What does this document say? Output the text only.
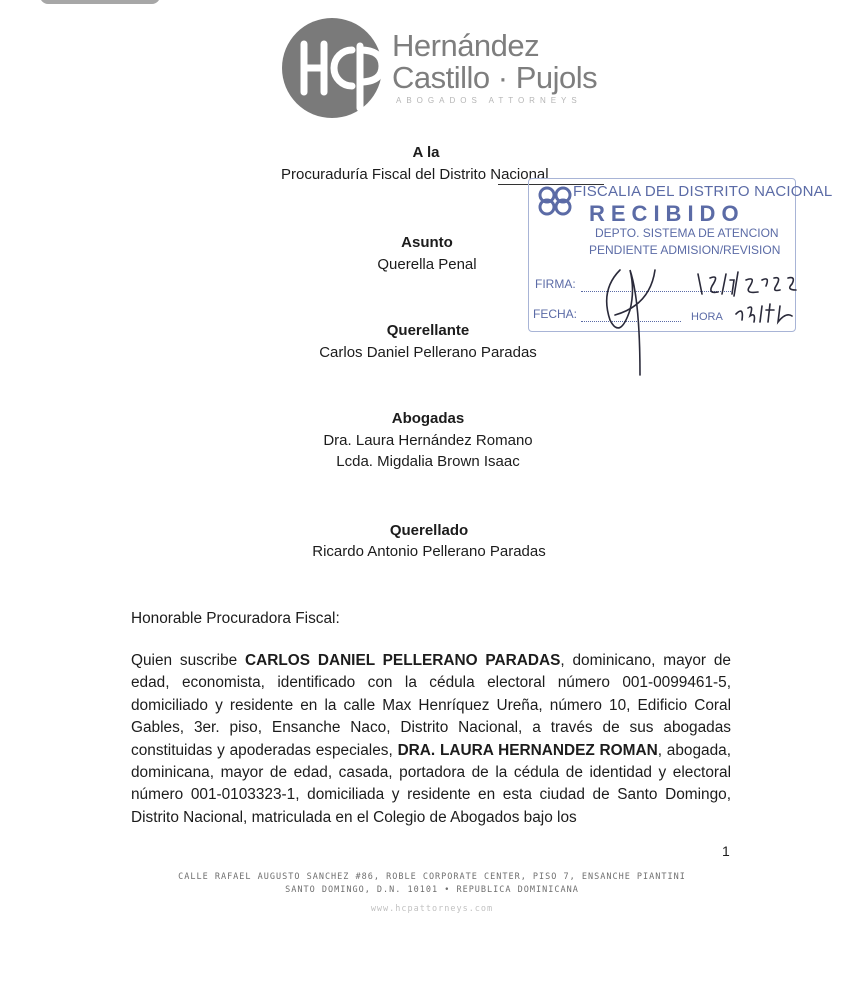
Hernández
Castillo · Pujols
ABOGADOS ATTORNEYS
A la
Procuraduría Fiscal del Distrito Nacional
FISCALIA DEL DISTRITO NACIONAL
RECIBIDO
DEPTO. SISTEMA DE ATENCION
PENDIENTE ADMISION/REVISION
FIRMA:
FECHA:	HORA
Asunto
Querella Penal
Querellante
Carlos Daniel Pellerano Paradas
Abogadas
Dra. Laura Hernández Romano
Lcda. Migdalia Brown Isaac
Querellado
Ricardo Antonio Pellerano Paradas
Honorable Procuradora Fiscal:
Quien suscribe CARLOS DANIEL PELLERANO PARADAS, dominicano, mayor de edad, economista, identificado con la cédula electoral número 001-0099461-5, domiciliado y residente en la calle Max Henríquez Ureña, número 10, Edificio Coral Gables, 3er. piso, Ensanche Naco, Distrito Nacional, a través de sus abogadas constituidas y apoderadas especiales, DRA. LAURA HERNANDEZ ROMAN, abogada, dominicana, mayor de edad, casada, portadora de la cédula de identidad y electoral número 001-0103323-1, domiciliada y residente en esta ciudad de Santo Domingo, Distrito Nacional, matriculada en el Colegio de Abogados bajo los
1
CALLE RAFAEL AUGUSTO SANCHEZ #86, ROBLE CORPORATE CENTER, PISO 7, ENSANCHE PIANTINI
SANTO DOMINGO, D.N. 10101 • REPUBLICA DOMINICANA
www.hcpattorneys.com
